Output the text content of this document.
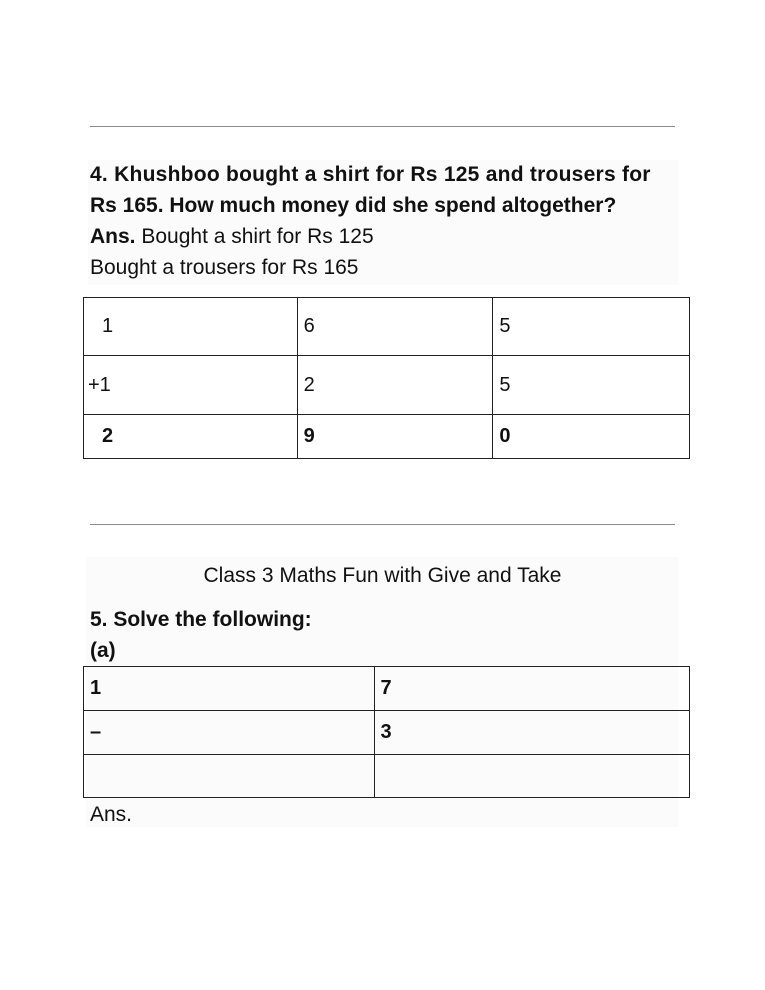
4. Khushboo bought a shirt for Rs 125 and trousers for
Rs 165. How much money did she spend altogether?
Ans. Bought a shirt for Rs 125
Bought a trousers for Rs 165
1	6	5
+1	2	5
2	9	0
Class 3 Maths Fun with Give and Take
5. Solve the following:
(a)
1	7
–	3

Ans.
